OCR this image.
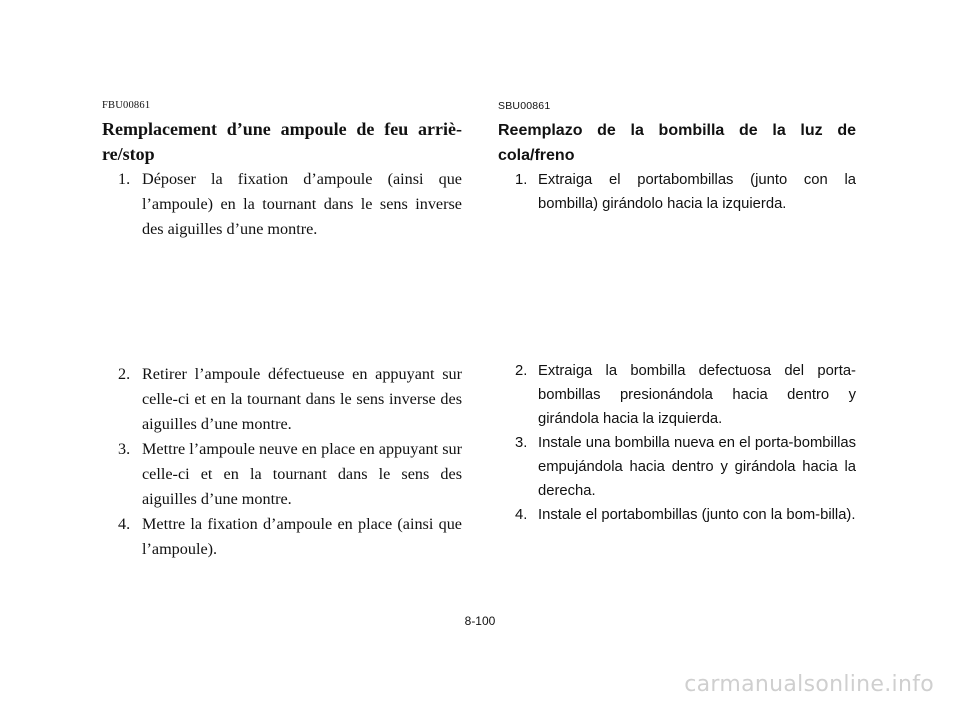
FBU00861

Remplacement d’une ampoule de feu arriè-re/stop
1. Déposer la fixation d’ampoule (ainsi que l’ampoule) en la tournant dans le sens inverse des aiguilles d’une montre.
2. Retirer l’ampoule défectueuse en appuyant sur celle-ci et en la tournant dans le sens inverse des aiguilles d’une montre.
3. Mettre l’ampoule neuve en place en appuyant sur celle-ci et en la tournant dans le sens des aiguilles d’une montre.
4. Mettre la fixation d’ampoule en place (ainsi que l’ampoule).

SBU00861

Reemplazo de la bombilla de la luz de cola/freno
1. Extraiga el portabombillas (junto con la bombilla) girándolo hacia la izquierda.
2. Extraiga la bombilla defectuosa del porta-bombillas presionándola hacia dentro y girándola hacia la izquierda.
3. Instale una bombilla nueva en el porta-bombillas empujándola hacia dentro y girándola hacia la derecha.
4. Instale el portabombillas (junto con la bom-billa).
8-100
carmanualsonline.info
